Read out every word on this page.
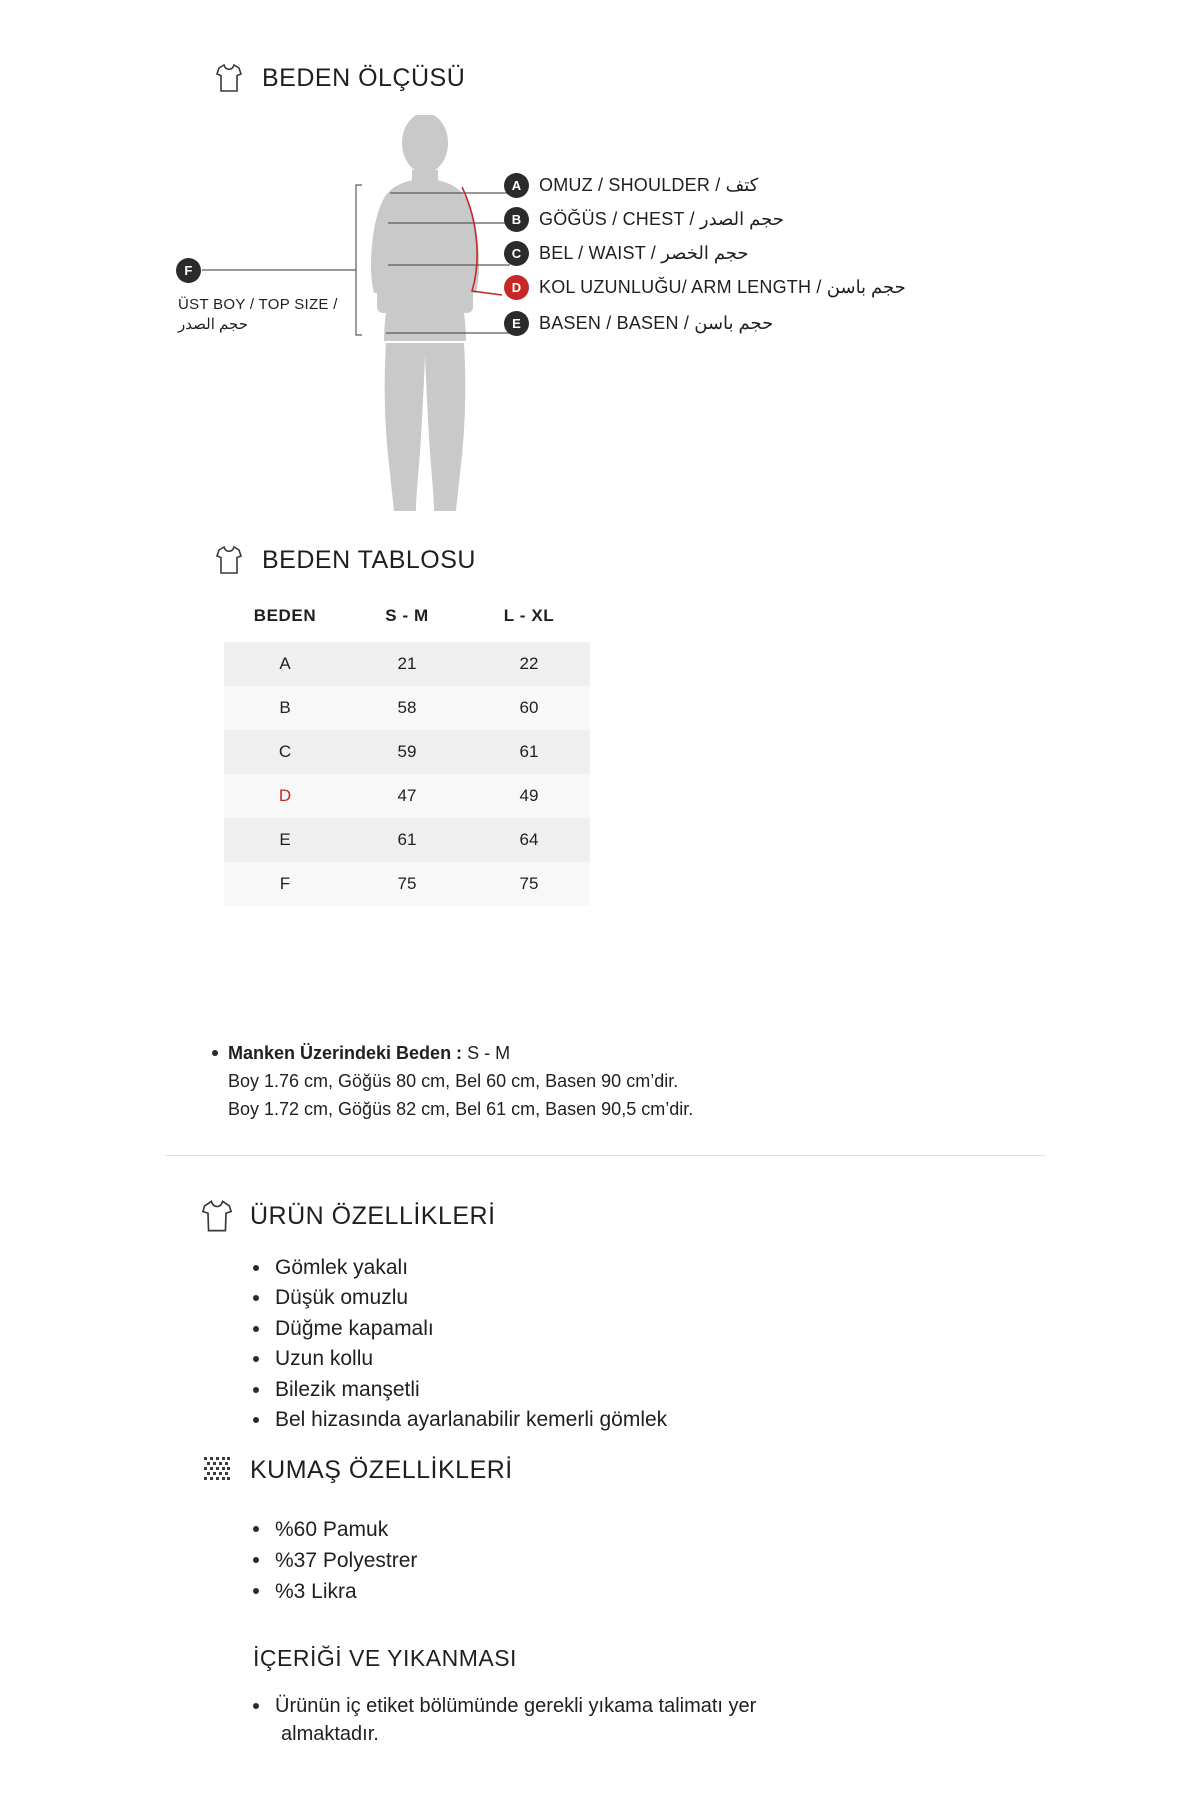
BEDEN ÖLÇÜSÜ
A OMUZ / SHOULDER / كتف
B GÖĞÜS / CHEST / حجم الصدر
C BEL / WAIST / حجم الخصر
D KOL UZUNLUĞU/ ARM LENGTH / حجم باسن
E BASEN / BASEN / حجم باسن
F
ÜST BOY / TOP SIZE /
حجم الصدر
BEDEN TABLOSU
BEDEN	S - M	L - XL
A	21	22
B	58	60
C	59	61
D	47	49
E	61	64
F	75	75
Manken Üzerindeki Beden : S - M
Boy 1.76 cm, Göğüs 80 cm, Bel 60 cm, Basen 90 cm’dir.
Boy 1.72 cm, Göğüs 82 cm, Bel 61 cm, Basen 90,5 cm’dir.
ÜRÜN ÖZELLİKLERİ
Gömlek yakalı
Düşük omuzlu
Düğme kapamalı
Uzun kollu
Bilezik manşetli
Bel hizasında ayarlanabilir kemerli gömlek
KUMAŞ ÖZELLİKLERİ
%60 Pamuk
%37 Polyestrer
%3 Likra
İÇERİĞİ VE YIKANMASI
Ürünün iç etiket bölümünde gerekli yıkama talimatı yer
almaktadır.
